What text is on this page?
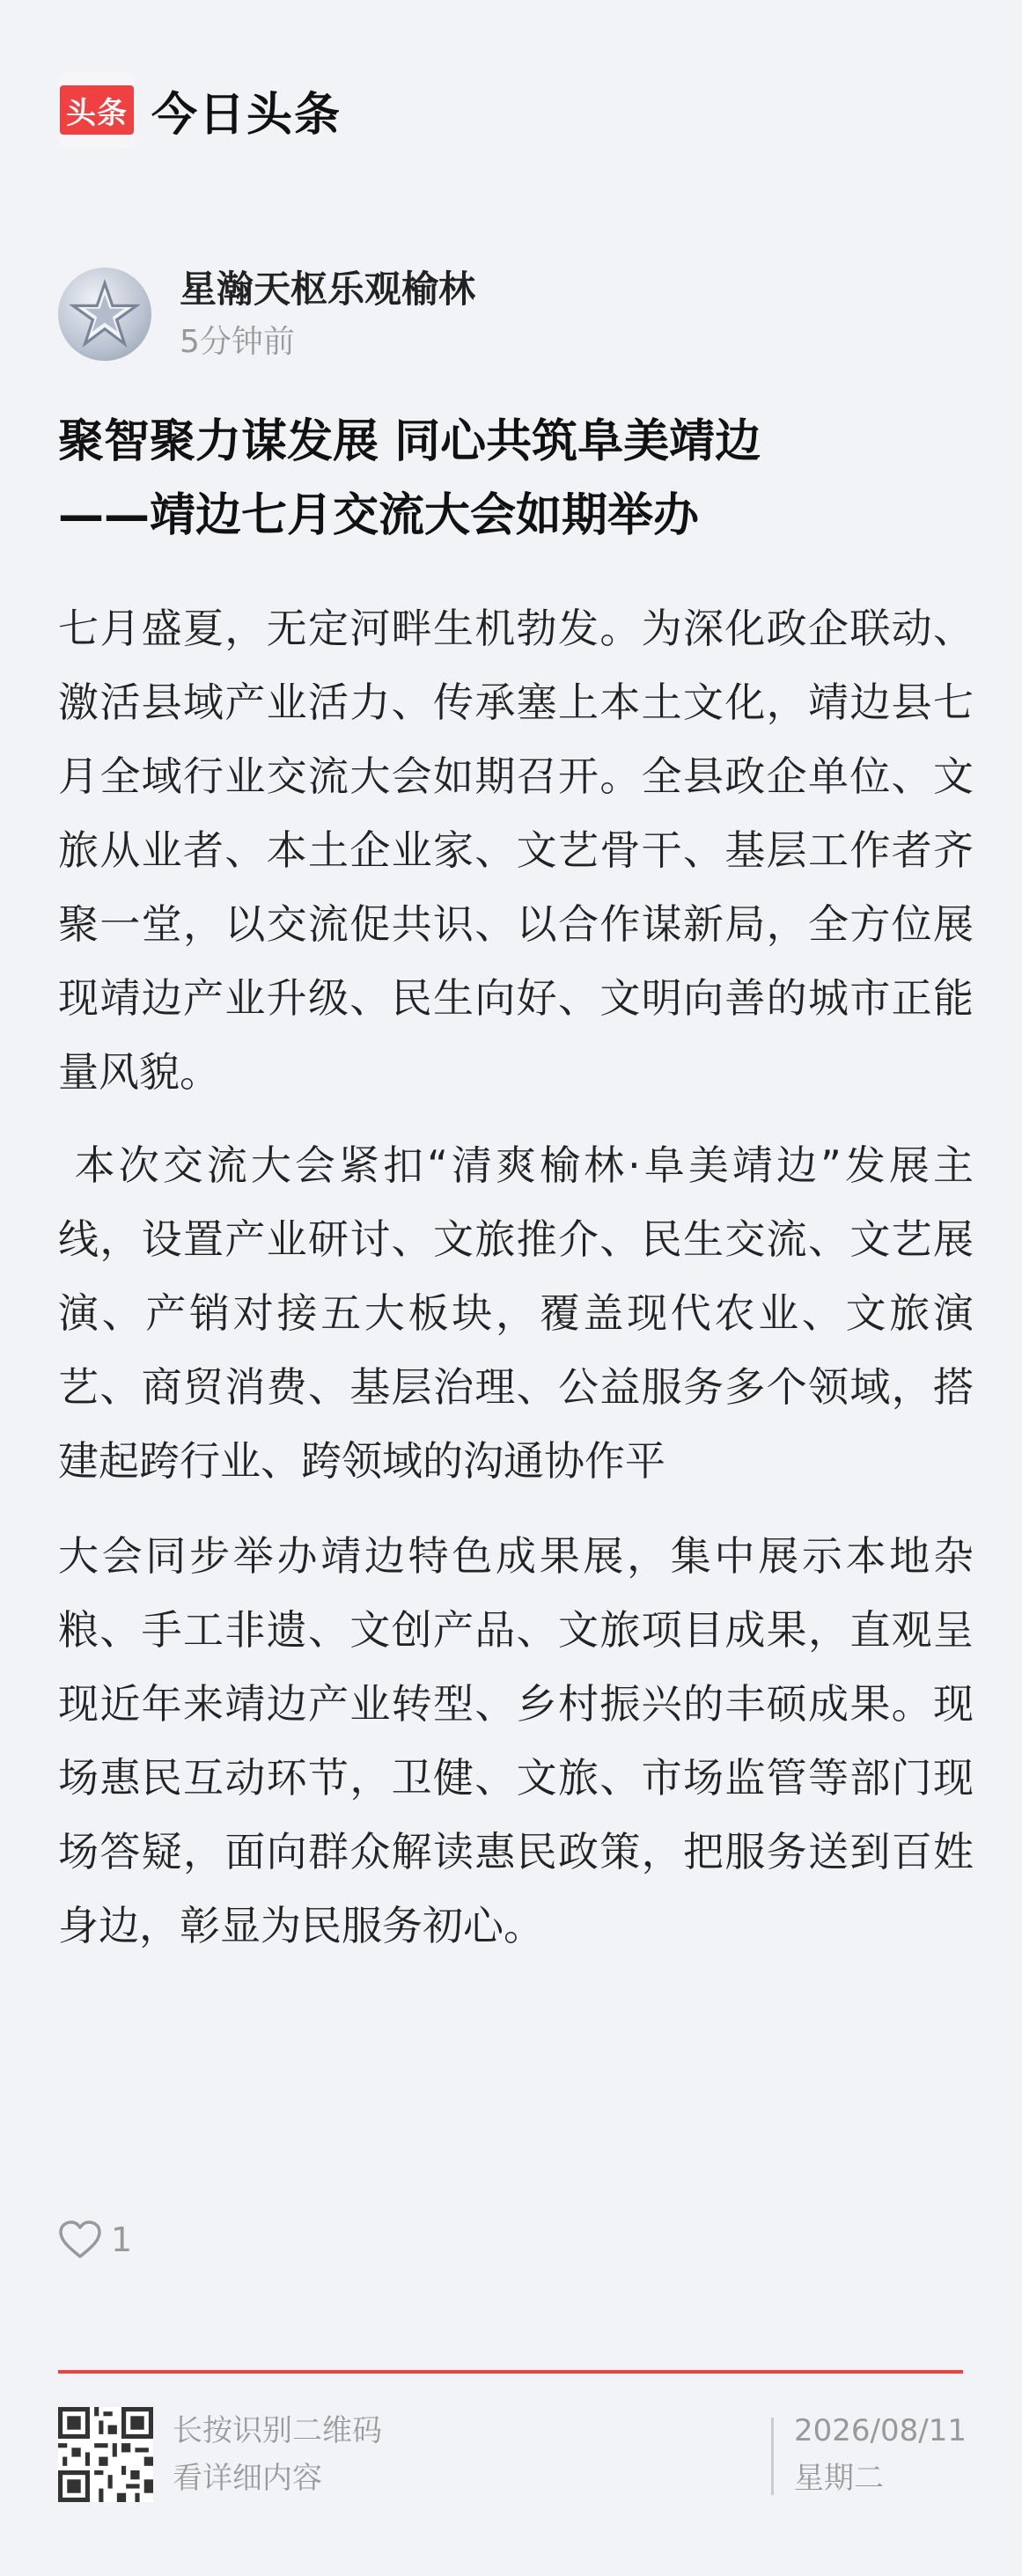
头条 今日头条
星瀚天枢乐观榆林
5分钟前
聚智聚力谋发展 同心共筑阜美靖边
——靖边七月交流大会如期举办

七月盛夏，无定河畔生机勃发。为深化政企联动、激活县域产业活力、传承塞上本土文化，靖边县七月全域行业交流大会如期召开。全县政企单位、文旅从业者、本土企业家、文艺骨干、基层工作者齐聚一堂，以交流促共识、以合作谋新局，全方位展现靖边产业升级、民生向好、文明向善的城市正能量风貌。

本次交流大会紧扣“清爽榆林·阜美靖边”发展主线，设置产业研讨、文旅推介、民生交流、文艺展演、产销对接五大板块，覆盖现代农业、文旅演艺、商贸消费、基层治理、公益服务多个领域，搭建起跨行业、跨领域的沟通协作平

大会同步举办靖边特色成果展，集中展示本地杂粮、手工非遗、文创产品、文旅项目成果，直观呈现近年来靖边产业转型、乡村振兴的丰硕成果。现场惠民互动环节，卫健、文旅、市场监管等部门现场答疑，面向群众解读惠民政策，把服务送到百姓身边，彰显为民服务初心。

1
长按识别二维码
看详细内容
2026/08/11
星期二
